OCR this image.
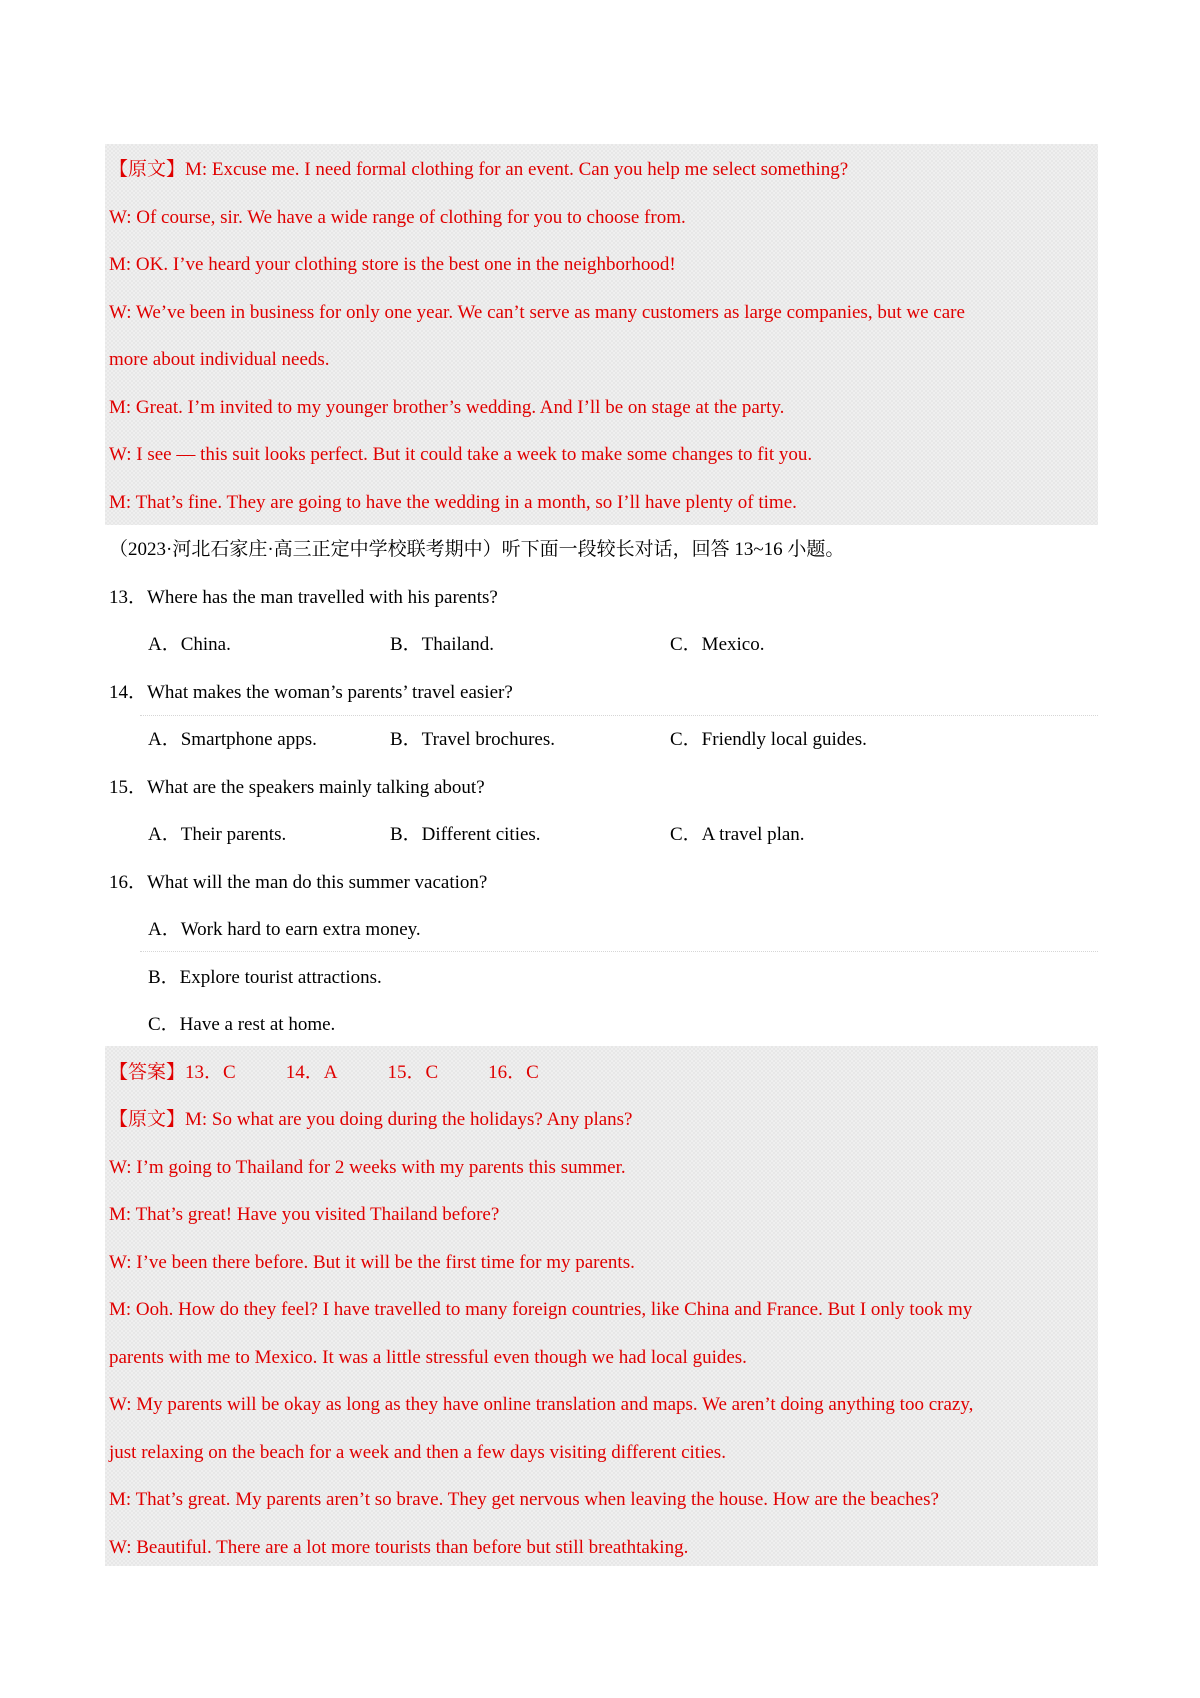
【原文】M: Excuse me. I need formal clothing for an event. Can you help me select something?
W: Of course, sir. We have a wide range of clothing for you to choose from.
M: OK. I’ve heard your clothing store is the best one in the neighborhood!
W: We’ve been in business for only one year. We can’t serve as many customers as large companies, but we care
more about individual needs.
M: Great. I’m invited to my younger brother’s wedding. And I’ll be on stage at the party.
W: I see — this suit looks perfect. But it could take a week to make some changes to fit you.
M: That’s fine. They are going to have the wedding in a month, so I’ll have plenty of time.
（2023·河北石家庄·高三正定中学校联考期中）听下面一段较长对话，回答 13~16 小题。
13．Where has the man travelled with his parents?
A．China.	B．Thailand.	C．Mexico.
14．What makes the woman’s parents’ travel easier?
A．Smartphone apps.	B．Travel brochures.	C．Friendly local guides.
15．What are the speakers mainly talking about?
A．Their parents.	B．Different cities.	C．A travel plan.
16．What will the man do this summer vacation?
A．Work hard to earn extra money.
B．Explore tourist attractions.
C．Have a rest at home.
【答案】13．C	14．A	15．C	16．C
【原文】M: So what are you doing during the holidays? Any plans?
W: I’m going to Thailand for 2 weeks with my parents this summer.
M: That’s great! Have you visited Thailand before?
W: I’ve been there before. But it will be the first time for my parents.
M: Ooh. How do they feel? I have travelled to many foreign countries, like China and France. But I only took my
parents with me to Mexico. It was a little stressful even though we had local guides.
W: My parents will be okay as long as they have online translation and maps. We aren’t doing anything too crazy,
just relaxing on the beach for a week and then a few days visiting different cities.
M: That’s great. My parents aren’t so brave. They get nervous when leaving the house. How are the beaches?
W: Beautiful. There are a lot more tourists than before but still breathtaking.
